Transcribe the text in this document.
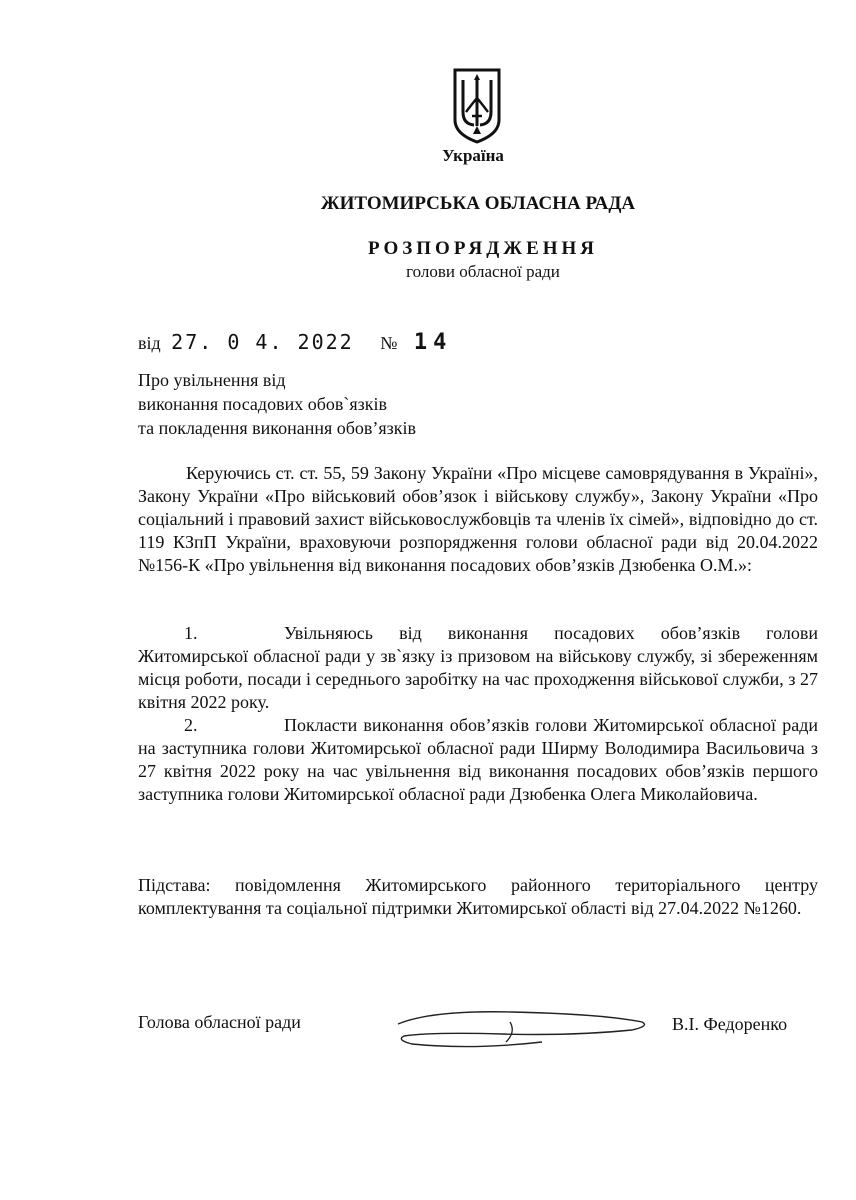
Україна
ЖИТОМИРСЬКА ОБЛАСНА РАДА
РОЗПОРЯДЖЕННЯ
голови обласної ради
від 27. 0 4. 2022 № 14
Про увільнення від
виконання посадових обов`язків
та покладення виконання обов’язків

Керуючись ст. ст. 55, 59 Закону України «Про місцеве самоврядування в Україні», Закону України «Про військовий обов’язок і військову службу», Закону України «Про соціальний і правовий захист військовослужбовців та членів їх сімей», відповідно до ст. 119 КЗпП України, враховуючи розпорядження голови обласної ради від 20.04.2022 №156-К «Про увільнення від виконання посадових обов’язків Дзюбенка О.М.»:

1.	Увільняюсь від виконання посадових обов’язків голови Житомирської обласної ради у зв`язку із призовом на військову службу, зі збереженням місця роботи, посади і середнього заробітку на час проходження військової служби, з 27 квітня 2022 року.

2.	Покласти виконання обов’язків голови Житомирської обласної ради на заступника голови Житомирської обласної ради Ширму Володимира Васильовича з 27 квітня 2022 року на час увільнення від виконання посадових обов’язків першого заступника голови Житомирської обласної ради Дзюбенка Олега Миколайовича.

Підстава: повідомлення Житомирського районного територіального центру комплектування та соціальної підтримки Житомирської області від 27.04.2022 №1260.

Голова обласної ради	В.І. Федоренко
